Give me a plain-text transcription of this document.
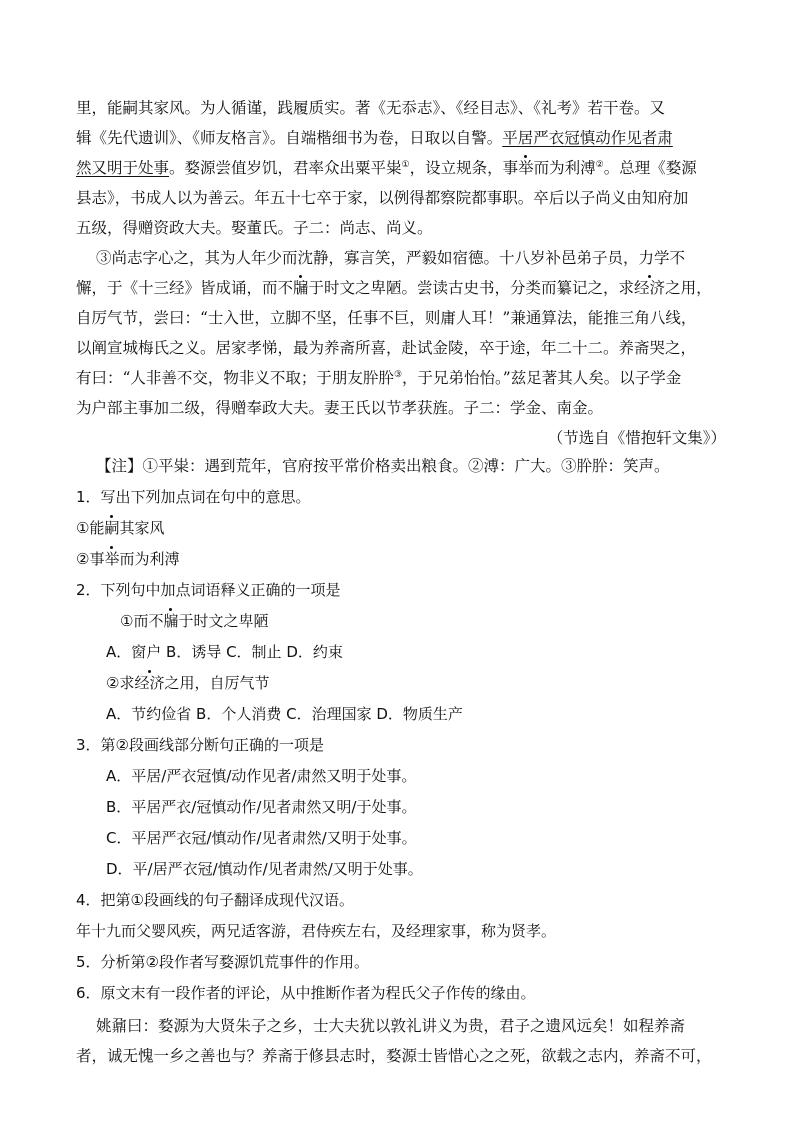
里，能嗣其家风。为人循谨，践履质实。著《无忝志》、《经目志》、《礼考》若干卷。又
辑《先代遗训》、《师友格言》。自端楷细书为卷，日取以自警。平居严衣冠慎动作见者肃
然又明于处事。婺源尝值岁饥，君率众出粟平粜①，设立规条，事举而为利溥②。总理《婺源
县志》，书成人以为善云。年五十七卒于家，以例得都察院都事职。卒后以子尚义由知府加
五级，得赠资政大夫。娶董氏。子二：尚志、尚义。
③尚志字心之，其为人年少而沈静，寡言笑，严毅如宿德。十八岁补邑弟子员，力学不
懈，于《十三经》皆成诵，而不牖于时文之卑陋。尝读古史书，分类而纂记之，求经济之用，
自厉气节，尝曰：“士入世，立脚不坚，任事不巨，则庸人耳！”兼通算法，能推三角八线，
以阐宣城梅氏之义。居家孝悌，最为养斋所喜，赴试金陵，卒于途，年二十二。养斋哭之，
有曰：“人非善不交，物非义不取；于朋友肸肸③，于兄弟怡怡。”兹足著其人矣。以子学金
为户部主事加二级，得赠奉政大夫。妻王氏以节孝获旌。子二：学金、南金。
（节选自《惜抱轩文集》）
【注】①平粜：遇到荒年，官府按平常价格卖出粮食。②溥：广大。③肸肸：笑声。
1．写出下列加点词在句中的意思。
①能嗣其家风
②事举而为利溥
2．下列句中加点词语释义正确的一项是
①而不牖于时文之卑陋
A．窗户 B．诱导 C．制止 D．约束
②求经济之用，自厉气节
A．节约俭省 B．个人消费 C．治理国家 D．物质生产
3．第②段画线部分断句正确的一项是
A．平居/严衣冠慎/动作见者/肃然又明于处事。
B．平居严衣/冠慎动作/见者肃然又明/于处事。
C．平居严衣冠/慎动作/见者肃然/又明于处事。
D．平/居严衣冠/慎动作/见者肃然/又明于处事。
4．把第①段画线的句子翻译成现代汉语。
年十九而父婴风疾，两兄适客游，君侍疾左右，及经理家事，称为贤孝。
5．分析第②段作者写婺源饥荒事件的作用。
6．原文末有一段作者的评论，从中推断作者为程氏父子作传的缘由。
姚鼐曰：婺源为大贤朱子之乡，士大夫犹以敦礼讲义为贵，君子之遗风远矣！如程养斋
者，诚无愧一乡之善也与？养斋于修县志时，婺源士皆惜心之之死，欲载之志内，养斋不可，
